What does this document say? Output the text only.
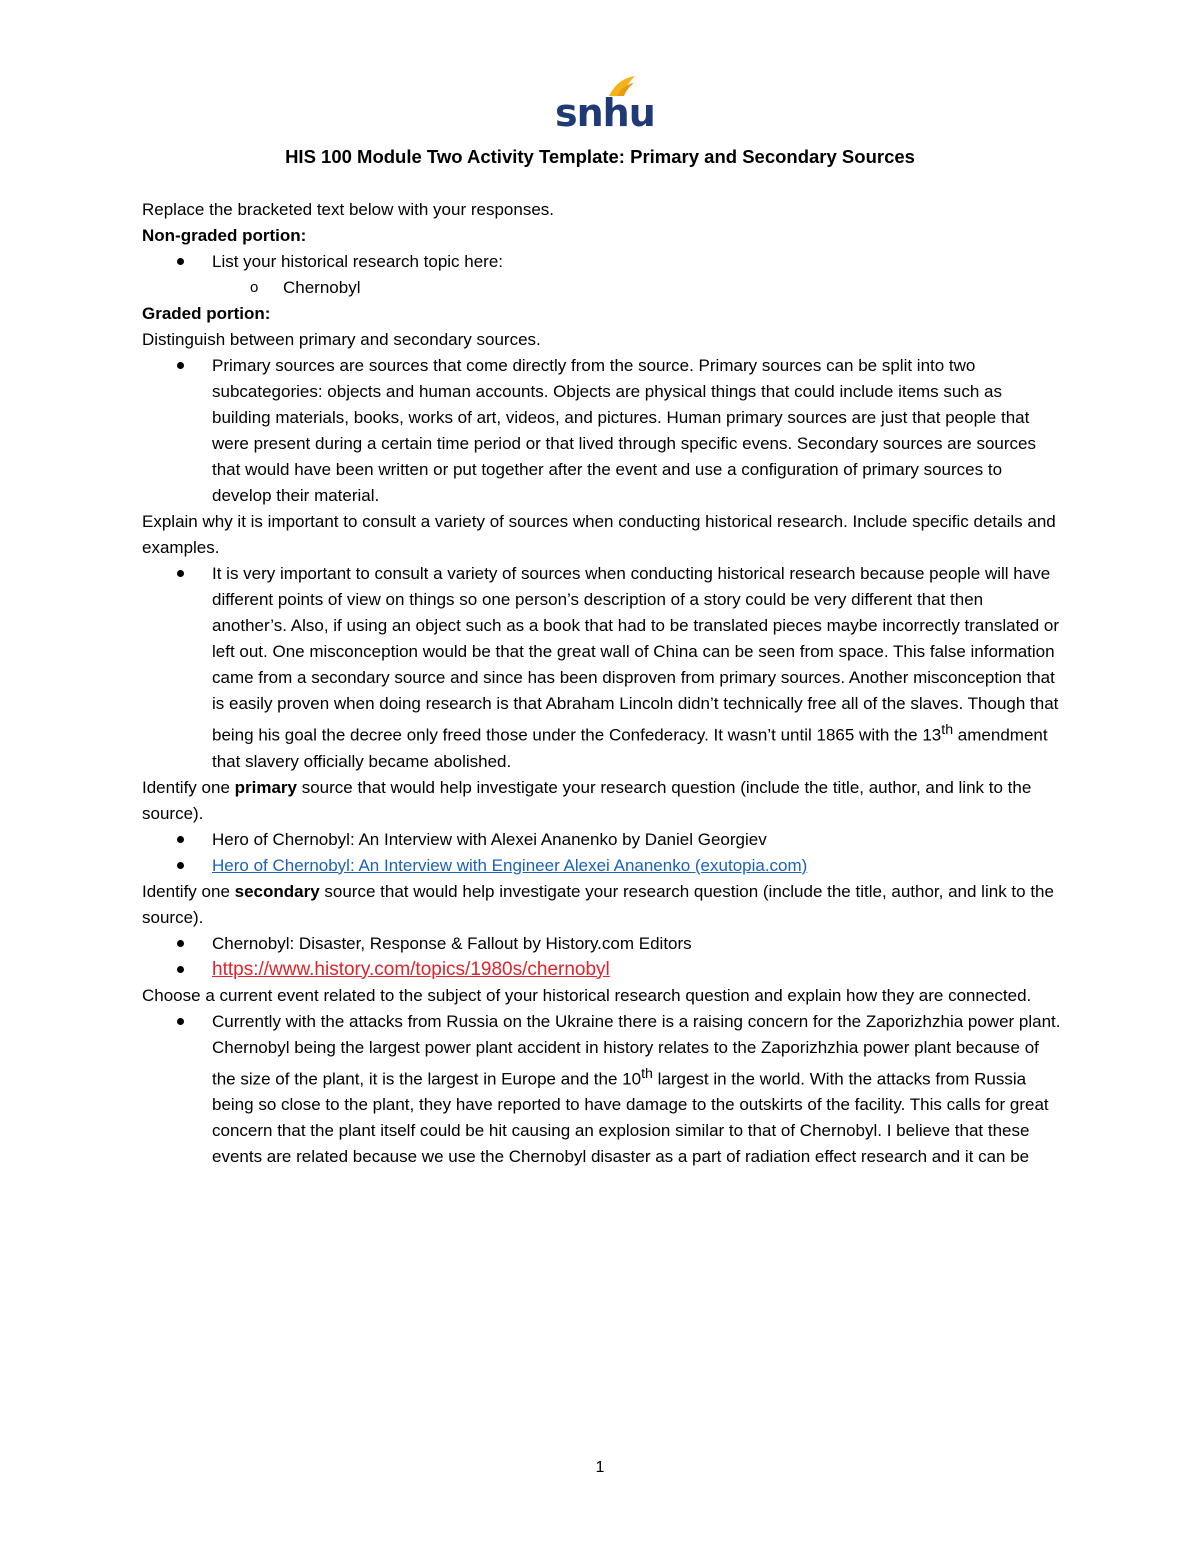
snhu
HIS 100 Module Two Activity Template: Primary and Secondary Sources

Replace the bracketed text below with your responses.

Non-graded portion:

List your historical research topic here:
o Chernobyl

Graded portion:

Distinguish between primary and secondary sources.

Primary sources are sources that come directly from the source. Primary sources can be split into two subcategories: objects and human accounts. Objects are physical things that could include items such as building materials, books, works of art, videos, and pictures. Human primary sources are just that people that were present during a certain time period or that lived through specific evens. Secondary sources are sources that would have been written or put together after the event and use a configuration of primary sources to develop their material.

Explain why it is important to consult a variety of sources when conducting historical research. Include specific details and examples.

It is very important to consult a variety of sources when conducting historical research because people will have different points of view on things so one person’s description of a story could be very different that then another’s. Also, if using an object such as a book that had to be translated pieces maybe incorrectly translated or left out. One misconception would be that the great wall of China can be seen from space. This false information came from a secondary source and since has been disproven from primary sources. Another misconception that is easily proven when doing research is that Abraham Lincoln didn’t technically free all of the slaves. Though that being his goal the decree only freed those under the Confederacy. It wasn’t until 1865 with the 13th amendment that slavery officially became abolished.

Identify one primary source that would help investigate your research question (include the title, author, and link to the source).

Hero of Chernobyl: An Interview with Alexei Ananenko by Daniel Georgiev
Hero of Chernobyl: An Interview with Engineer Alexei Ananenko (exutopia.com)

Identify one secondary source that would help investigate your research question (include the title, author, and link to the source).

Chernobyl: Disaster, Response & Fallout by History.com Editors
https://www.history.com/topics/1980s/chernobyl

Choose a current event related to the subject of your historical research question and explain how they are connected.

Currently with the attacks from Russia on the Ukraine there is a raising concern for the Zaporizhzhia power plant. Chernobyl being the largest power plant accident in history relates to the Zaporizhzhia power plant because of the size of the plant, it is the largest in Europe and the 10th largest in the world. With the attacks from Russia being so close to the plant, they have reported to have damage to the outskirts of the facility. This calls for great concern that the plant itself could be hit causing an explosion similar to that of Chernobyl. I believe that these events are related because we use the Chernobyl disaster as a part of radiation effect research and it can be
1
